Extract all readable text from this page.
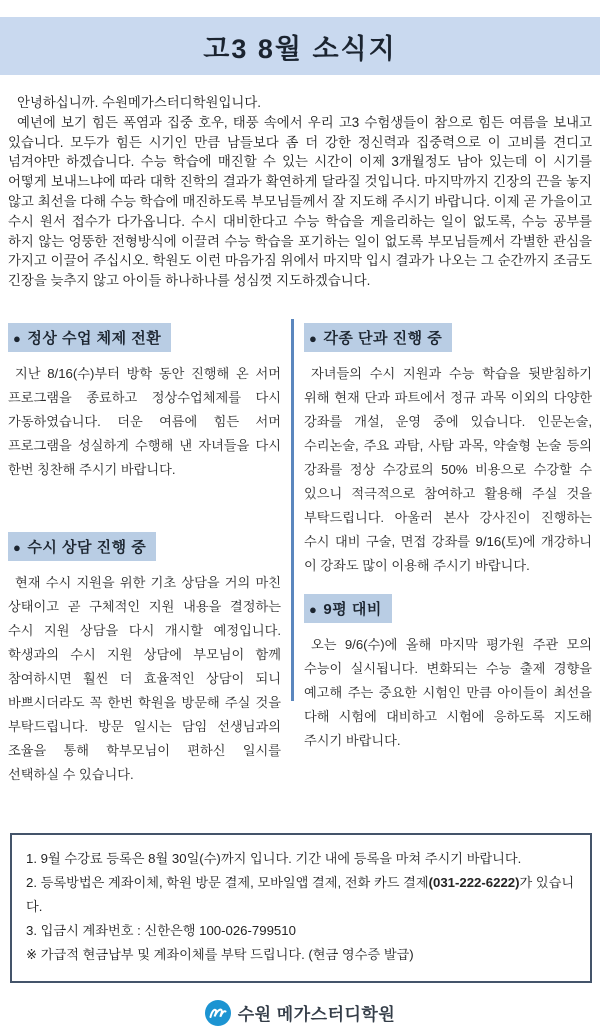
고3 8월 소식지

안녕하십니까. 수원메가스터디학원입니다.

예년에 보기 힘든 폭염과 집중 호우, 태풍 속에서 우리 고3 수험생들이 참으로 힘든 여름을 보내고 있습니다. 모두가 힘든 시기인 만큼 남들보다 좀 더 강한 정신력과 집중력으로 이 고비를 견디고 넘겨야만 하겠습니다. 수능 학습에 매진할 수 있는 시간이 이제 3개월정도 남아 있는데 이 시기를 어떻게 보내느냐에 따라 대학 진학의 결과가 확연하게 달라질 것입니다. 마지막까지 긴장의 끈을 놓지 않고 최선을 다해 수능 학습에 매진하도록 부모님들께서 잘 지도해 주시기 바랍니다. 이제 곧 가을이고 수시 원서 접수가 다가옵니다. 수시 대비한다고 수능 학습을 게을리하는 일이 없도록, 수능 공부를 하지 않는 엉뚱한 전형방식에 이끌려 수능 학습을 포기하는 일이 없도록 부모님들께서 각별한 관심을 가지고 이끌어 주십시오. 학원도 이런 마음가짐 위에서 마지막 입시 결과가 나오는 그 순간까지 조금도 긴장을 늦추지 않고 아이들 하나하나를 성심껏 지도하겠습니다.

● 정상 수업 체제 전환
지난 8/16(수)부터 방학 동안 진행해 온 서머 프로그램을 종료하고 정상수업체제를 다시 가동하였습니다. 더운 여름에 힘든 서머 프로그램을 성실하게 수행해 낸 자녀들을 다시 한번 칭찬해 주시기 바랍니다.
● 수시 상담 진행 중
현재 수시 지원을 위한 기초 상담을 거의 마친 상태이고 곧 구체적인 지원 내용을 결정하는 수시 지원 상담을 다시 개시할 예정입니다. 학생과의 수시 지원 상담에 부모님이 함께 참여하시면 훨씬 더 효율적인 상담이 되니 바쁘시더라도 꼭 한번 학원을 방문해 주실 것을 부탁드립니다. 방문 일시는 담임 선생님과의 조율을 통해 학부모님이 편하신 일시를 선택하실 수 있습니다.
● 각종 단과 진행 중
자녀들의 수시 지원과 수능 학습을 뒷받침하기 위해 현재 단과 파트에서 정규 과목 이외의 다양한 강좌를 개설, 운영 중에 있습니다. 인문논술, 수리논술, 주요 과탐, 사탐 과목, 약술형 논술 등의 강좌를 정상 수강료의 50% 비용으로 수강할 수 있으니 적극적으로 참여하고 활용해 주실 것을 부탁드립니다. 아울러 본사 강사진이 진행하는 수시 대비 구술, 면접 강좌를 9/16(토)에 개강하니 이 강좌도 많이 이용해 주시기 바랍니다.
● 9평 대비
오는 9/6(수)에 올해 마지막 평가원 주관 모의 수능이 실시됩니다. 변화되는 수능 출제 경향을 예고해 주는 중요한 시험인 만큼 아이들이 최선을 다해 시험에 대비하고 시험에 응하도록 지도해 주시기 바랍니다.

1. 9월 수강료 등록은 8월 30일(수)까지 입니다. 기간 내에 등록을 마쳐 주시기 바랍니다.

2. 등록방법은 계좌이체, 학원 방문 결제, 모바일앱 결제, 전화 카드 결제(031-222-6222)가 있습니다.

3. 입금시 계좌번호 : 신한은행 100-026-799510

※ 가급적 현금납부 및 계좌이체를 부탁 드립니다. (현금 영수증 발급)

수원 메가스터디학원
